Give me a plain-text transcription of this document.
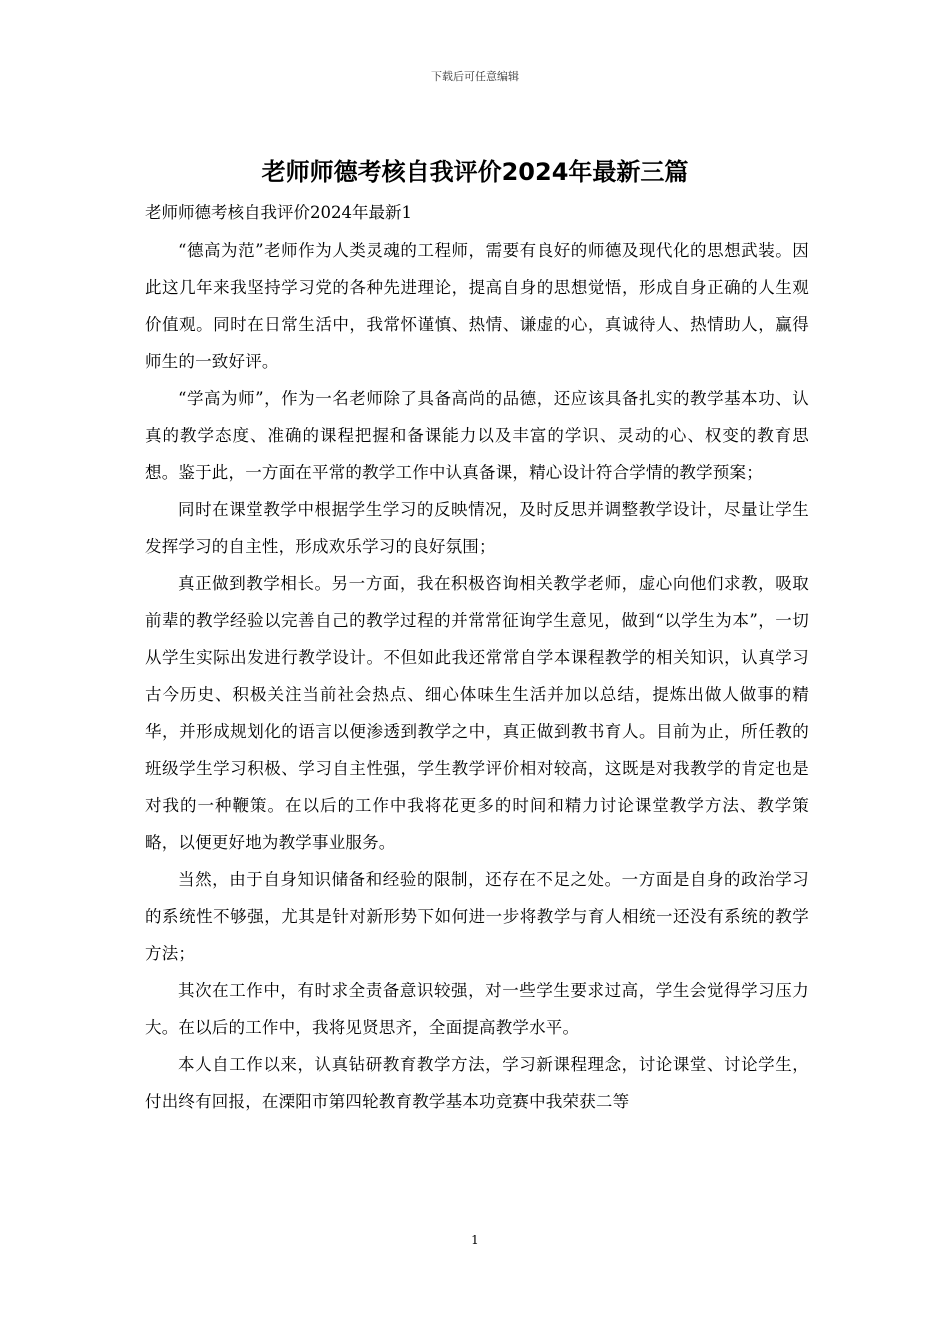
下载后可任意编辑
老师师德考核自我评价2024年最新三篇

老师师德考核自我评价2024年最新1

“德高为范”老师作为人类灵魂的工程师，需要有良好的师德及现代化的思想武装。因此这几年来我坚持学习党的各种先进理论，提高自身的思想觉悟，形成自身正确的人生观价值观。同时在日常生活中，我常怀谨慎、热情、谦虚的心，真诚待人、热情助人，赢得师生的一致好评。

“学高为师”，作为一名老师除了具备高尚的品德，还应该具备扎实的教学基本功、认真的教学态度、准确的课程把握和备课能力以及丰富的学识、灵动的心、权变的教育思想。鉴于此，一方面在平常的教学工作中认真备课，精心设计符合学情的教学预案；

同时在课堂教学中根据学生学习的反映情况，及时反思并调整教学设计，尽量让学生发挥学习的自主性，形成欢乐学习的良好氛围；

真正做到教学相长。另一方面，我在积极咨询相关教学老师，虚心向他们求教，吸取前辈的教学经验以完善自己的教学过程的并常常征询学生意见，做到“以学生为本”，一切从学生实际出发进行教学设计。不但如此我还常常自学本课程教学的相关知识，认真学习古今历史、积极关注当前社会热点、细心体味生生活并加以总结，提炼出做人做事的精华，并形成规划化的语言以便渗透到教学之中，真正做到教书育人。目前为止，所任教的班级学生学习积极、学习自主性强，学生教学评价相对较高，这既是对我教学的肯定也是对我的一种鞭策。在以后的工作中我将花更多的时间和精力讨论课堂教学方法、教学策略，以便更好地为教学事业服务。

当然，由于自身知识储备和经验的限制，还存在不足之处。一方面是自身的政治学习的系统性不够强，尤其是针对新形势下如何进一步将教学与育人相统一还没有系统的教学方法；

其次在工作中，有时求全责备意识较强，对一些学生要求过高，学生会觉得学习压力大。在以后的工作中，我将见贤思齐，全面提高教学水平。

本人自工作以来，认真钻研教育教学方法，学习新课程理念，讨论课堂、讨论学生，付出终有回报，在溧阳市第四轮教育教学基本功竞赛中我荣获二等

1
